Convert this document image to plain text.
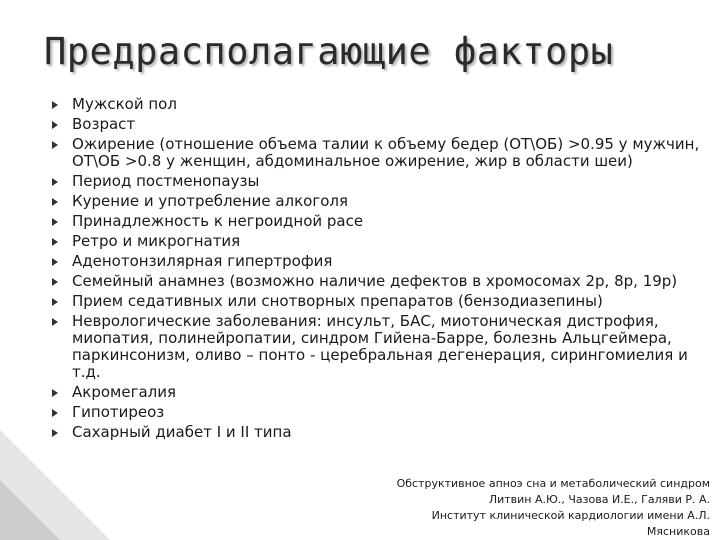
Предрасполагающие факторы
Мужской пол
Возраст
Ожирение (отношение объема талии к объему бедер (ОТ\ОБ) >0.95 у мужчин, ОТ\ОБ >0.8 у женщин, абдоминальное ожирение, жир в области шеи)
Период постменопаузы
Курение и употребление алкоголя
Принадлежность к негроидной расе
Ретро и микрогнатия
Аденотонзилярная гипертрофия
Семейный анамнез (возможно наличие дефектов в хромосомах 2p, 8p, 19p)
Прием седативных или снотворных препаратов (бензодиазепины)
Неврологические заболевания: инсульт, БАС, миотоническая дистрофия, миопатия, полинейропатии, синдром Гийена-Барре, болезнь Альцгеймера, паркинсонизм, оливо – понто - церебральная дегенерация, сирингомиелия и т.д.
Акромегалия
Гипотиреоз
Сахарный диабет I и II типа
Обструктивное апноэ сна и метаболический синдром
Литвин А.Ю., Чазова И.Е., Галяви Р. А.
Институт клинической кардиологии имени А.Л.
Мясникова
